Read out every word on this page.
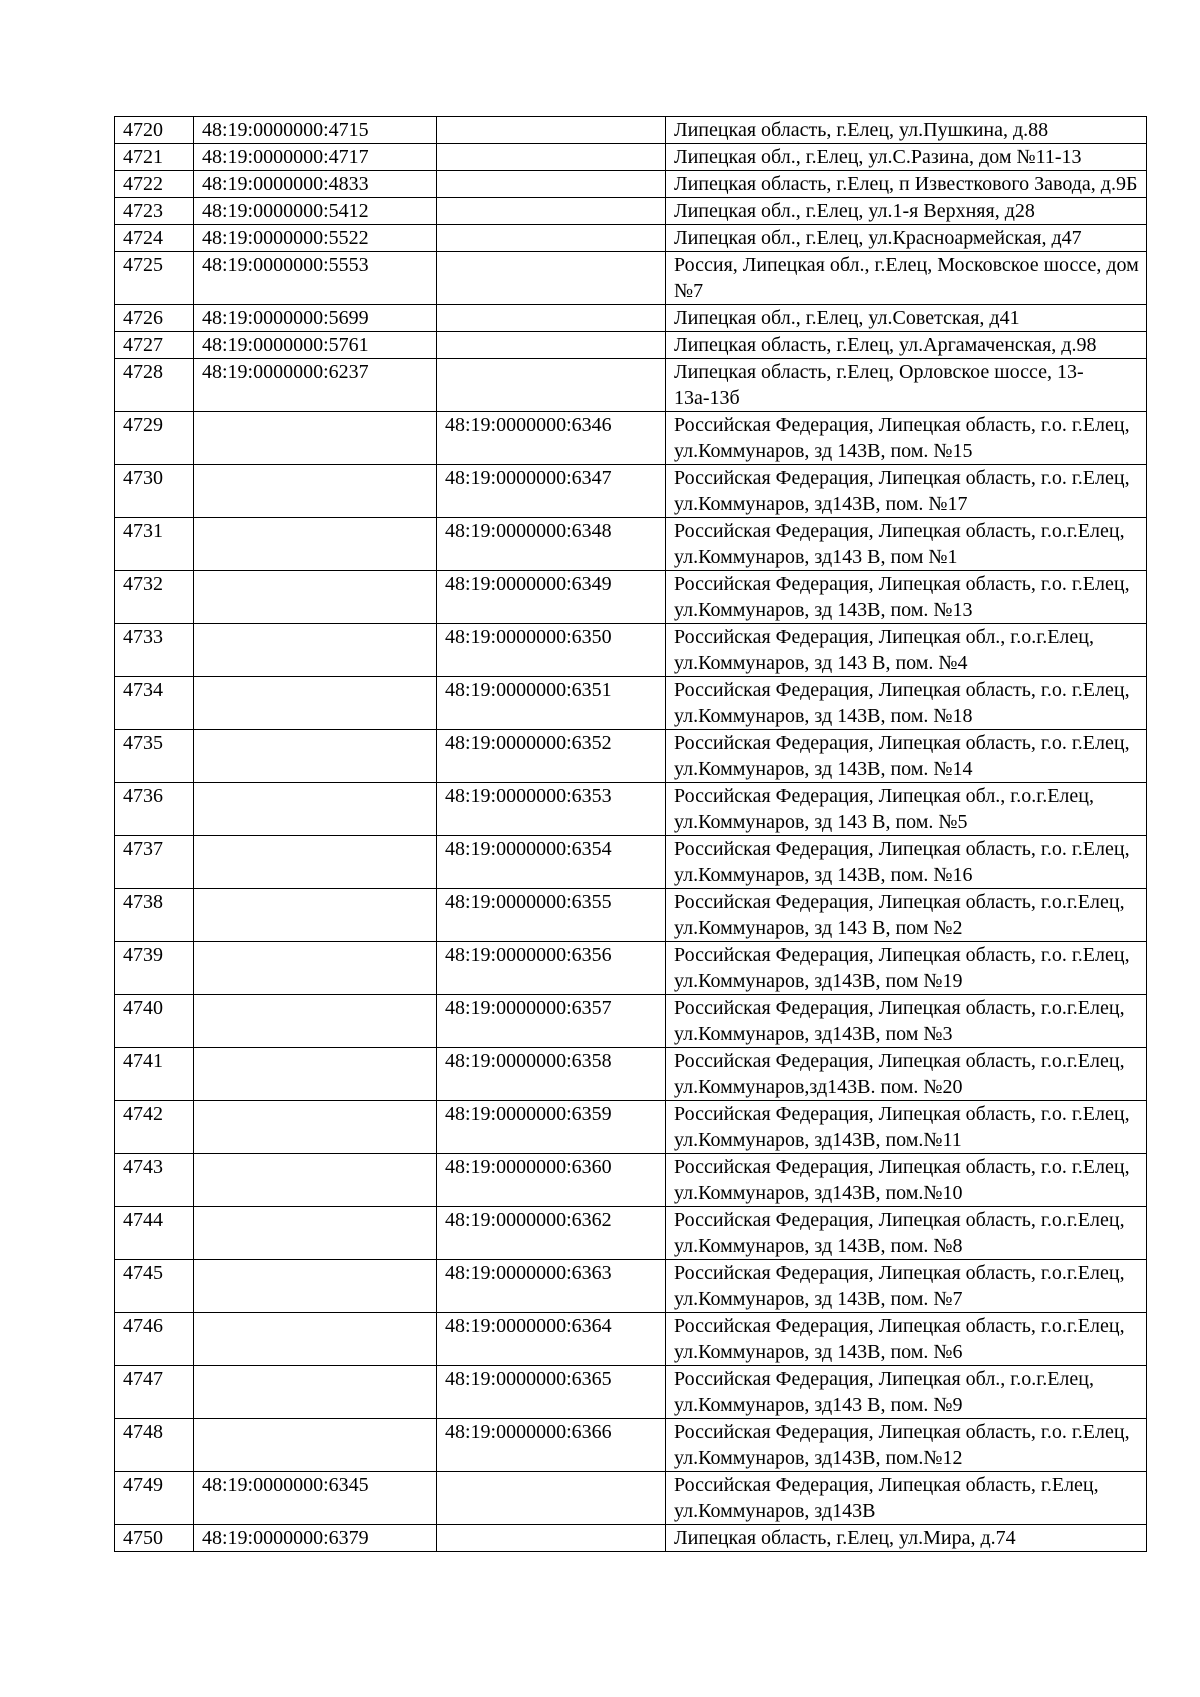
4720	48:19:0000000:4715		Липецкая область, г.Елец, ул.Пушкина, д.88
4721	48:19:0000000:4717		Липецкая обл., г.Елец, ул.С.Разина, дом №11-13
4722	48:19:0000000:4833		Липецкая область, г.Елец, п Известкового Завода, д.9Б
4723	48:19:0000000:5412		Липецкая обл., г.Елец, ул.1-я Верхняя, д28
4724	48:19:0000000:5522		Липецкая обл., г.Елец, ул.Красноармейская, д47
4725	48:19:0000000:5553		Россия, Липецкая обл., г.Елец, Московское шоссе, дом №7
4726	48:19:0000000:5699		Липецкая обл., г.Елец, ул.Советская, д41
4727	48:19:0000000:5761		Липецкая область, г.Елец, ул.Аргамаченская, д.98
4728	48:19:0000000:6237		Липецкая область, г.Елец, Орловское шоссе, 13-13а-13б
4729		48:19:0000000:6346	Российская Федерация, Липецкая область, г.о. г.Елец, ул.Коммунаров, зд 143В, пом. №15
4730		48:19:0000000:6347	Российская Федерация, Липецкая область, г.о. г.Елец, ул.Коммунаров, зд143В, пом. №17
4731		48:19:0000000:6348	Российская Федерация, Липецкая область, г.о.г.Елец, ул.Коммунаров, зд143 В, пом №1
4732		48:19:0000000:6349	Российская Федерация, Липецкая область, г.о. г.Елец, ул.Коммунаров, зд 143В, пом. №13
4733		48:19:0000000:6350	Российская Федерация, Липецкая обл., г.о.г.Елец, ул.Коммунаров, зд 143 В, пом. №4
4734		48:19:0000000:6351	Российская Федерация, Липецкая область, г.о. г.Елец, ул.Коммунаров, зд 143В, пом. №18
4735		48:19:0000000:6352	Российская Федерация, Липецкая область, г.о. г.Елец, ул.Коммунаров, зд 143В, пом. №14
4736		48:19:0000000:6353	Российская Федерация, Липецкая обл., г.о.г.Елец, ул.Коммунаров, зд 143 В, пом. №5
4737		48:19:0000000:6354	Российская Федерация, Липецкая область, г.о. г.Елец, ул.Коммунаров, зд 143В, пом. №16
4738		48:19:0000000:6355	Российская Федерация, Липецкая область, г.о.г.Елец, ул.Коммунаров, зд 143 В, пом №2
4739		48:19:0000000:6356	Российская Федерация, Липецкая область, г.о. г.Елец, ул.Коммунаров, зд143В, пом №19
4740		48:19:0000000:6357	Российская Федерация, Липецкая область, г.о.г.Елец, ул.Коммунаров, зд143В, пом №3
4741		48:19:0000000:6358	Российская Федерация, Липецкая область, г.о.г.Елец, ул.Коммунаров,зд143В. пом. №20
4742		48:19:0000000:6359	Российская Федерация, Липецкая область, г.о. г.Елец, ул.Коммунаров, зд143В, пом.№11
4743		48:19:0000000:6360	Российская Федерация, Липецкая область, г.о. г.Елец, ул.Коммунаров, зд143В, пом.№10
4744		48:19:0000000:6362	Российская Федерация, Липецкая область, г.о.г.Елец, ул.Коммунаров, зд 143В, пом. №8
4745		48:19:0000000:6363	Российская Федерация, Липецкая область, г.о.г.Елец, ул.Коммунаров, зд 143В, пом. №7
4746		48:19:0000000:6364	Российская Федерация, Липецкая область, г.о.г.Елец, ул.Коммунаров, зд 143В, пом. №6
4747		48:19:0000000:6365	Российская Федерация, Липецкая обл., г.о.г.Елец, ул.Коммунаров, зд143 В, пом. №9
4748		48:19:0000000:6366	Российская Федерация, Липецкая область, г.о. г.Елец, ул.Коммунаров, зд143В, пом.№12
4749	48:19:0000000:6345		Российская Федерация, Липецкая область, г.Елец, ул.Коммунаров, зд143В
4750	48:19:0000000:6379		Липецкая область, г.Елец, ул.Мира, д.74
